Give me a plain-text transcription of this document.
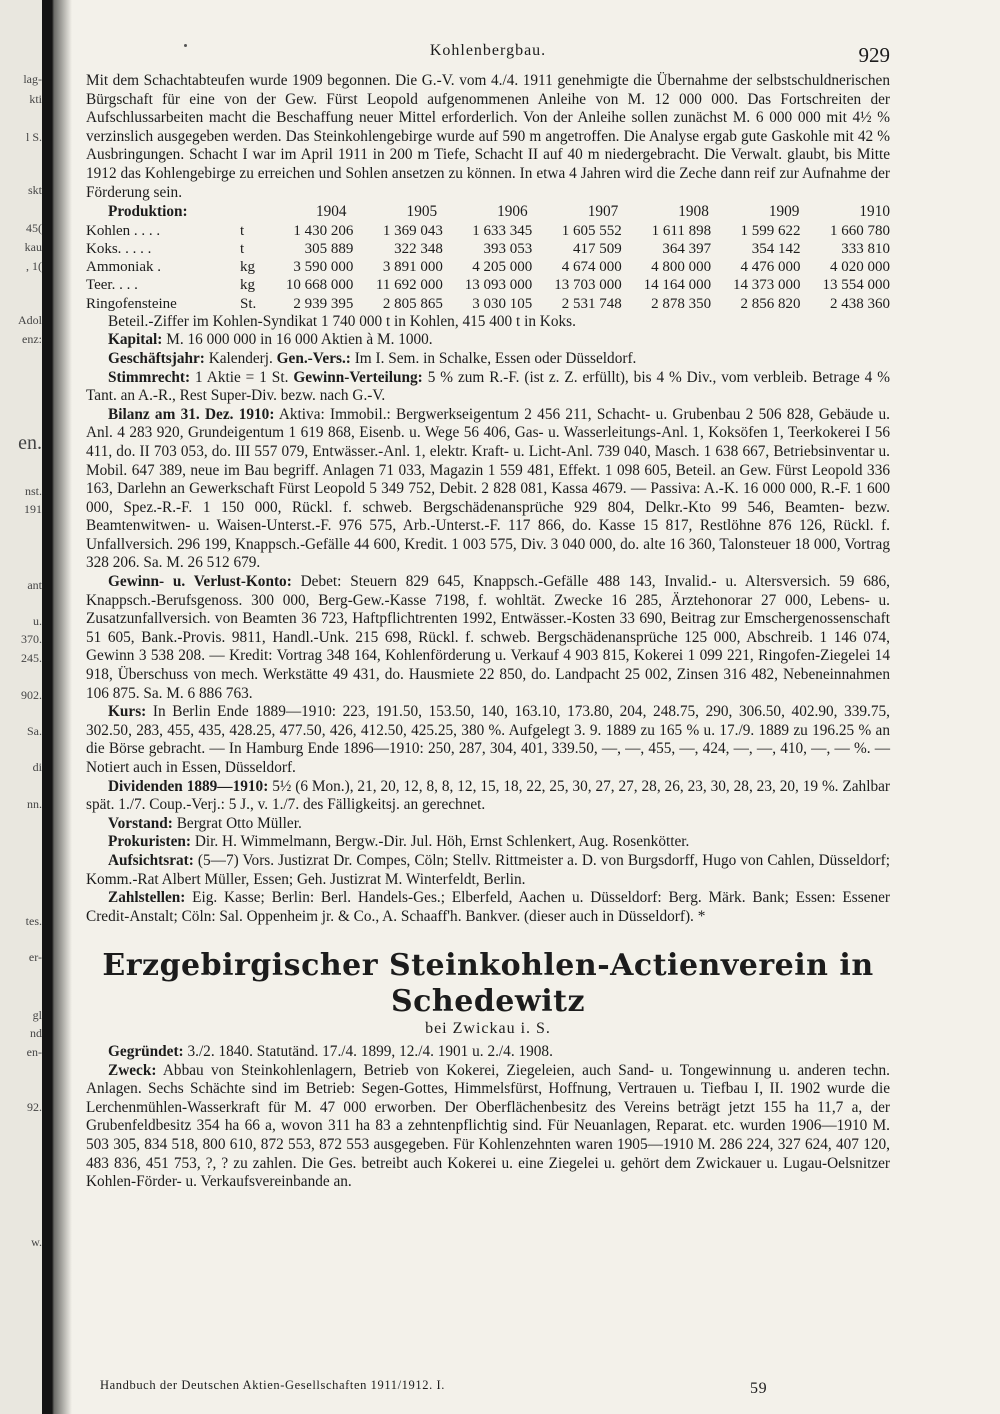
lag-
kti
l S.
skt
45(
kau
, 1(
Adol
enz:
en.
nst.
191
ant
u.
370.
245.
902.
Sa.
di
nn.
tes.
er-
gl
nd
en-
92.
w.
Kohlenbergbau.	929

Mit dem Schachtabteufen wurde 1909 begonnen. Die G.-V. vom 4./4. 1911 genehmigte die Übernahme der selbstschuldnerischen Bürgschaft für eine von der Gew. Fürst Leopold aufgenommenen Anleihe von M. 12 000 000. Das Fortschreiten der Aufschlussarbeiten macht die Beschaffung neuer Mittel erforderlich. Von der Anleihe sollen zunächst M. 6 000 000 mit 4½ % verzinslich ausgegeben werden. Das Steinkohlengebirge wurde auf 590 m angetroffen. Die Analyse ergab gute Gaskohle mit 42 % Ausbringungen. Schacht I war im April 1911 in 200 m Tiefe, Schacht II auf 40 m niedergebracht. Die Verwalt. glaubt, bis Mitte 1912 das Kohlengebirge zu erreichen und Sohlen ansetzen zu können. In etwa 4 Jahren wird die Zeche dann reif zur Aufnahme der Förderung sein.

Produktion:	1904	1905	1906	1907	1908	1909	1910
Kohlen . . . .	t	1 430 206	1 369 043	1 633 345	1 605 552	1 611 898	1 599 622	1 660 780
Koks. . . . .	t	305 889	322 348	393 053	417 509	364 397	354 142	333 810
Ammoniak .	kg	3 590 000	3 891 000	4 205 000	4 674 000	4 800 000	4 476 000	4 020 000
Teer. . . .	kg	10 668 000	11 692 000	13 093 000	13 703 000	14 164 000	14 373 000	13 554 000
Ringofensteine	St.	2 939 395	2 805 865	3 030 105	2 531 748	2 878 350	2 856 820	2 438 360

Beteil.-Ziffer im Kohlen-Syndikat 1 740 000 t in Kohlen, 415 400 t in Koks.

Kapital: M. 16 000 000 in 16 000 Aktien à M. 1000.

Geschäftsjahr: Kalenderj. Gen.-Vers.: Im I. Sem. in Schalke, Essen oder Düsseldorf.

Stimmrecht: 1 Aktie = 1 St. Gewinn-Verteilung: 5 % zum R.-F. (ist z. Z. erfüllt), bis 4 % Div., vom verbleib. Betrage 4 % Tant. an A.-R., Rest Super-Div. bezw. nach G.-V.

Bilanz am 31. Dez. 1910: Aktiva: Immobil.: Bergwerkseigentum 2 456 211, Schacht- u. Grubenbau 2 506 828, Gebäude u. Anl. 4 283 920, Grundeigentum 1 619 868, Eisenb. u. Wege 56 406, Gas- u. Wasserleitungs-Anl. 1, Koksöfen 1, Teerkokerei I 56 411, do. II 703 053, do. III 557 079, Entwässer.-Anl. 1, elektr. Kraft- u. Licht-Anl. 739 040, Masch. 1 638 667, Betriebsinventar u. Mobil. 647 389, neue im Bau begriff. Anlagen 71 033, Magazin 1 559 481, Effekt. 1 098 605, Beteil. an Gew. Fürst Leopold 336 163, Darlehn an Gewerkschaft Fürst Leopold 5 349 752, Debit. 2 828 081, Kassa 4679. — Passiva: A.-K. 16 000 000, R.-F. 1 600 000, Spez.-R.-F. 1 150 000, Rückl. f. schweb. Bergschädenansprüche 929 804, Delkr.-Kto 99 546, Beamten- bezw. Beamtenwitwen- u. Waisen-Unterst.-F. 976 575, Arb.-Unterst.-F. 117 866, do. Kasse 15 817, Restlöhne 876 126, Rückl. f. Unfallversich. 296 199, Knappsch.-Gefälle 44 600, Kredit. 1 003 575, Div. 3 040 000, do. alte 16 360, Talonsteuer 18 000, Vortrag 328 206. Sa. M. 26 512 679.

Gewinn- u. Verlust-Konto: Debet: Steuern 829 645, Knappsch.-Gefälle 488 143, Invalid.- u. Altersversich. 59 686, Knappsch.-Berufsgenoss. 300 000, Berg-Gew.-Kasse 7198, f. wohltät. Zwecke 16 285, Ärztehonorar 27 000, Lebens- u. Zusatzunfallversich. von Beamten 36 723, Haftpflichtrenten 1992, Entwässer.-Kosten 33 690, Beitrag zur Emschergenossenschaft 51 605, Bank.-Provis. 9811, Handl.-Unk. 215 698, Rückl. f. schweb. Bergschädenansprüche 125 000, Abschreib. 1 146 074, Gewinn 3 538 208. — Kredit: Vortrag 348 164, Kohlenförderung u. Verkauf 4 903 815, Kokerei 1 099 221, Ringofen-Ziegelei 14 918, Überschuss von mech. Werkstätte 49 431, do. Hausmiete 22 850, do. Landpacht 25 002, Zinsen 316 482, Nebeneinnahmen 106 875. Sa. M. 6 886 763.

Kurs: In Berlin Ende 1889—1910: 223, 191.50, 153.50, 140, 163.10, 173.80, 204, 248.75, 290, 306.50, 402.90, 339.75, 302.50, 283, 455, 435, 428.25, 477.50, 426, 412.50, 425.25, 380 %. Aufgelegt 3. 9. 1889 zu 165 % u. 17./9. 1889 zu 196.25 % an die Börse gebracht. — In Hamburg Ende 1896—1910: 250, 287, 304, 401, 339.50, —, —, 455, —, 424, —, —, 410, —, — %. — Notiert auch in Essen, Düsseldorf.

Dividenden 1889—1910: 5½ (6 Mon.), 21, 20, 12, 8, 8, 12, 15, 18, 22, 25, 30, 27, 27, 28, 26, 23, 30, 28, 23, 20, 19 %. Zahlbar spät. 1./7. Coup.-Verj.: 5 J., v. 1./7. des Fälligkeitsj. an gerechnet.

Vorstand: Bergrat Otto Müller.

Prokuristen: Dir. H. Wimmelmann, Bergw.-Dir. Jul. Höh, Ernst Schlenkert, Aug. Rosenkötter.

Aufsichtsrat: (5—7) Vors. Justizrat Dr. Compes, Cöln; Stellv. Rittmeister a. D. von Burgsdorff, Hugo von Cahlen, Düsseldorf; Komm.-Rat Albert Müller, Essen; Geh. Justizrat M. Winterfeldt, Berlin.

Zahlstellen: Eig. Kasse; Berlin: Berl. Handels-Ges.; Elberfeld, Aachen u. Düsseldorf: Berg. Märk. Bank; Essen: Essener Credit-Anstalt; Cöln: Sal. Oppenheim jr. & Co., A. Schaaff'h. Bankver. (dieser auch in Düsseldorf). *

Erzgebirgischer Steinkohlen-Actienverein in Schedewitz
bei Zwickau i. S.

Gegründet: 3./2. 1840. Statutänd. 17./4. 1899, 12./4. 1901 u. 2./4. 1908.

Zweck: Abbau von Steinkohlenlagern, Betrieb von Kokerei, Ziegeleien, auch Sand- u. Tongewinnung u. anderen techn. Anlagen. Sechs Schächte sind im Betrieb: Segen-Gottes, Himmelsfürst, Hoffnung, Vertrauen u. Tiefbau I, II. 1902 wurde die Lerchenmühlen-Wasserkraft für M. 47 000 erworben. Der Oberflächenbesitz des Vereins beträgt jetzt 155 ha 11,7 a, der Grubenfeldbesitz 354 ha 66 a, wovon 311 ha 83 a zehntenpflichtig sind. Für Neuanlagen, Reparat. etc. wurden 1906—1910 M. 503 305, 834 518, 800 610, 872 553, 872 553 ausgegeben. Für Kohlenzehnten waren 1905—1910 M. 286 224, 327 624, 407 120, 483 836, 451 753, ?, ? zu zahlen. Die Ges. betreibt auch Kokerei u. eine Ziegelei u. gehört dem Zwickauer u. Lugau-Oelsnitzer Kohlen-Förder- u. Verkaufsvereinbande an.

Handbuch der Deutschen Aktien-Gesellschaften 1911/1912. I.	59
